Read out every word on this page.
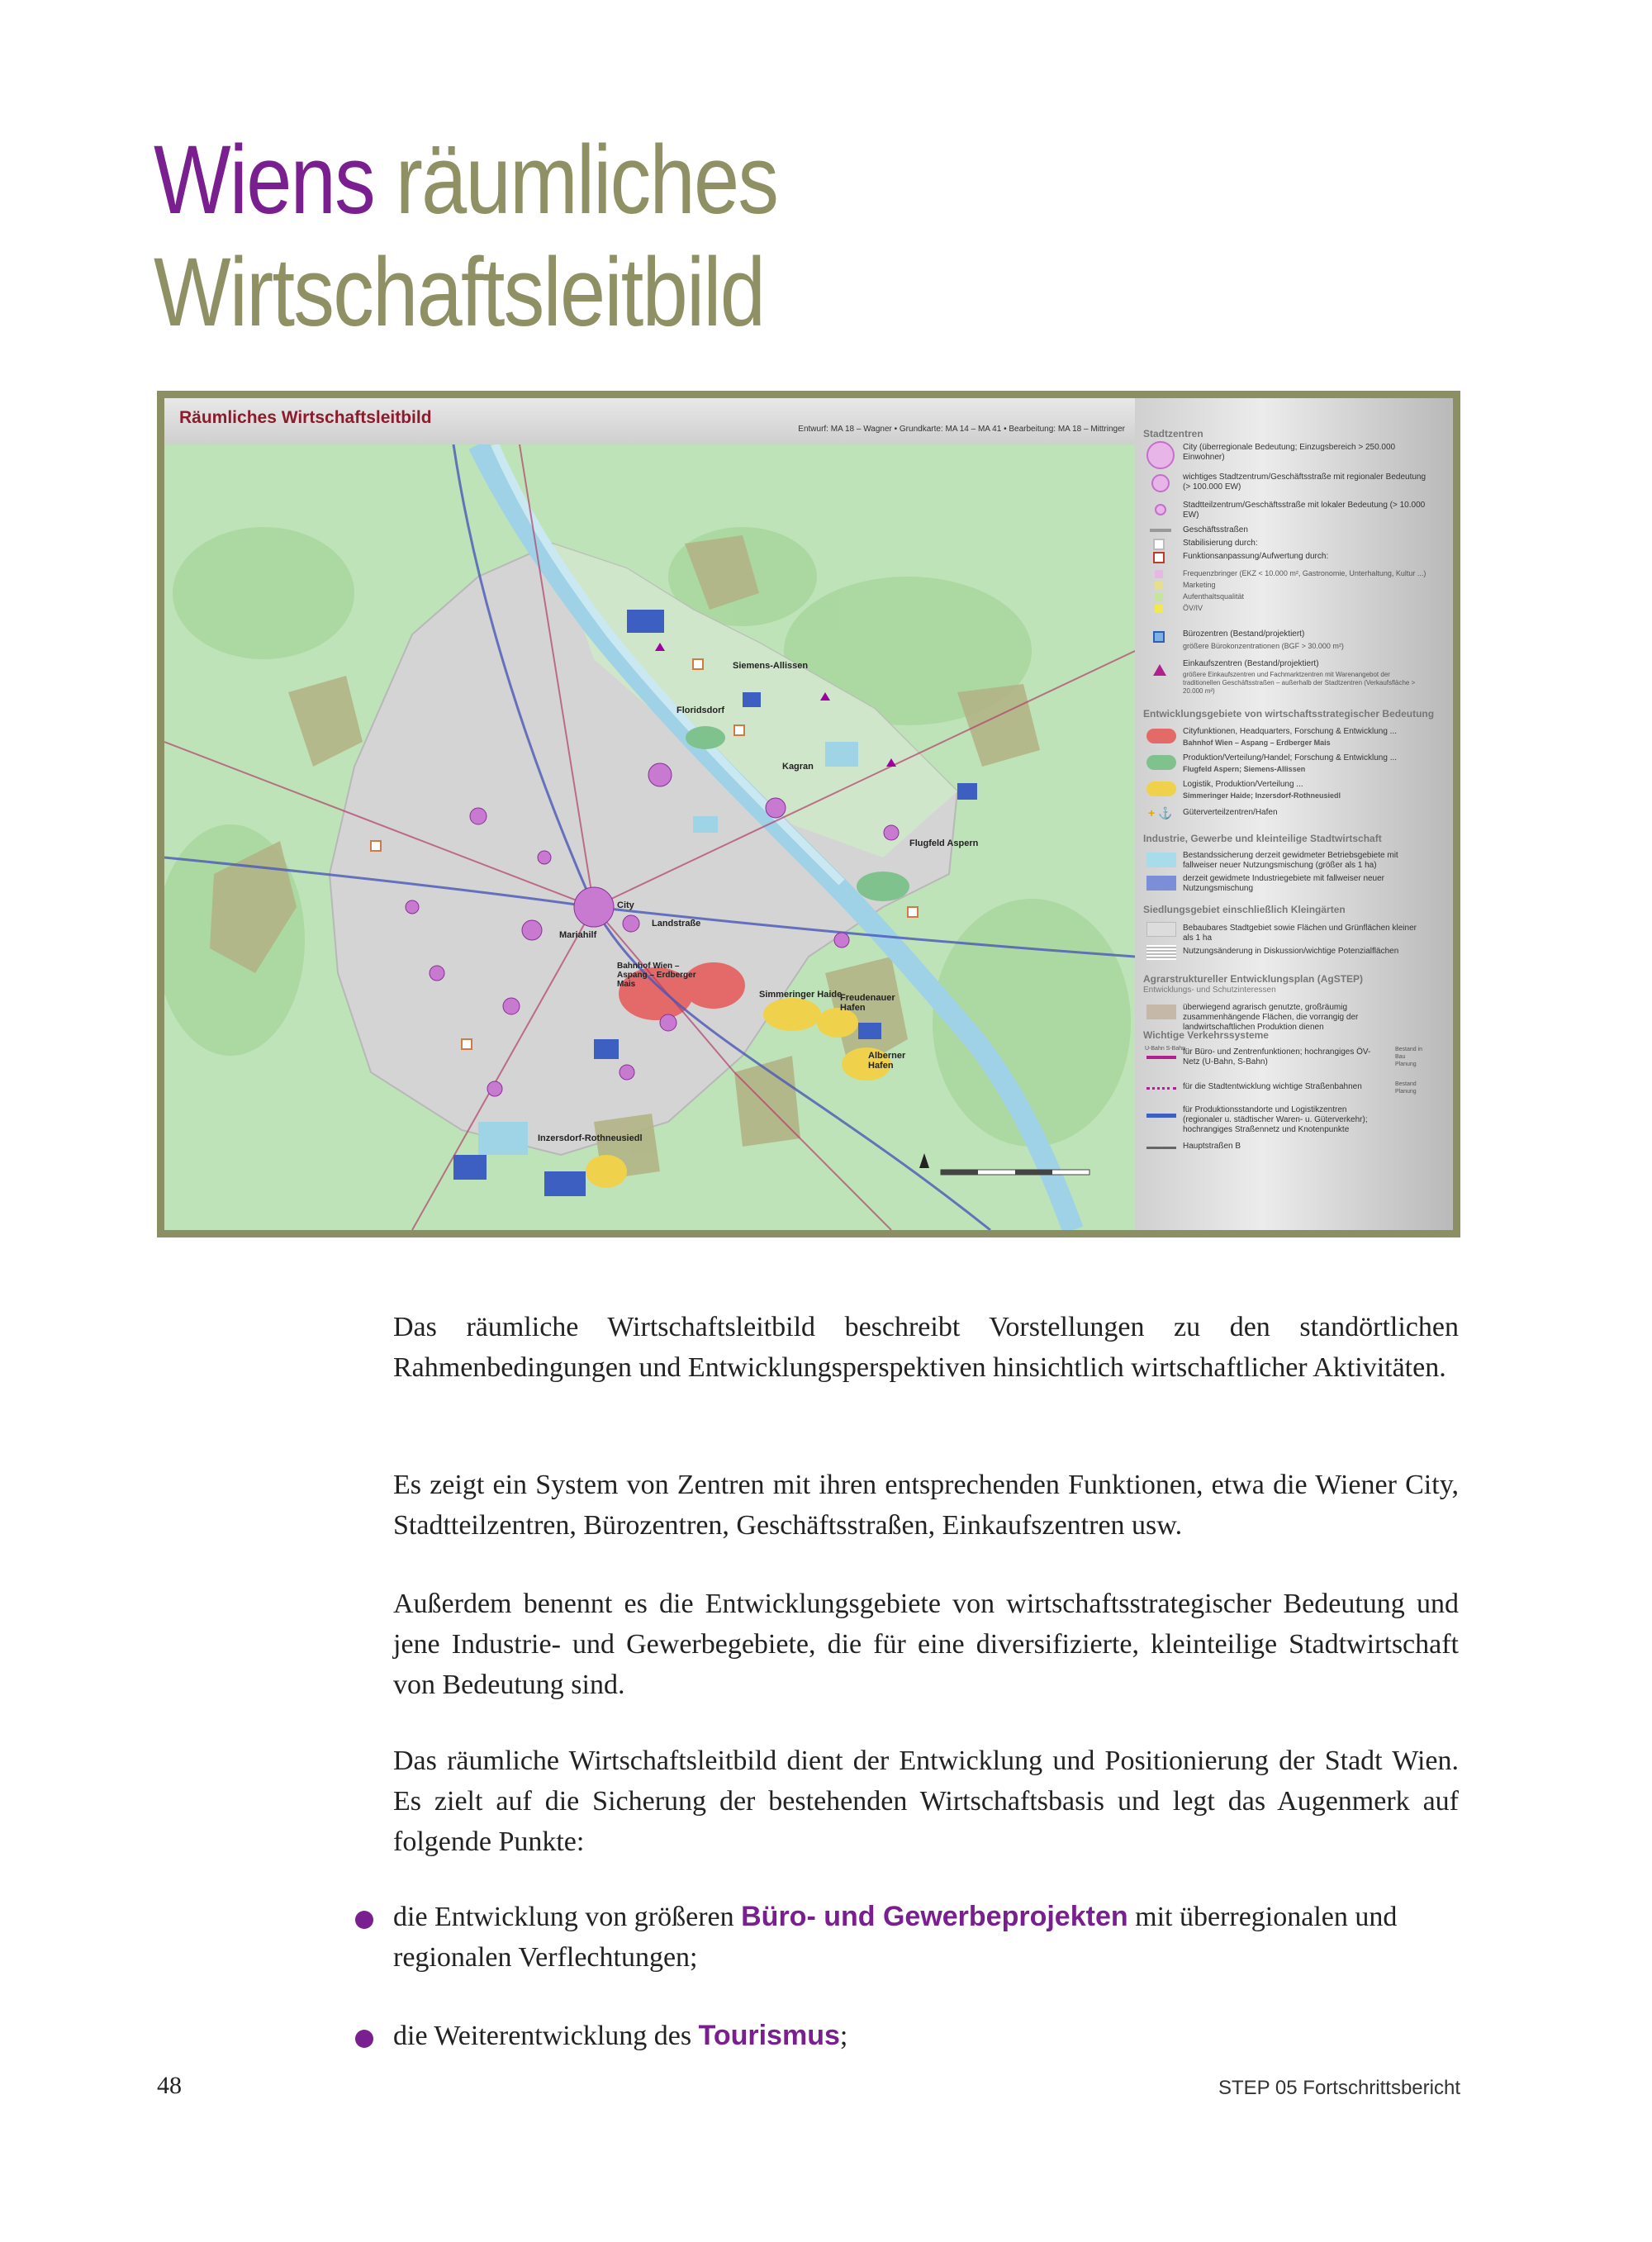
Wiens räumliches
Wirtschaftsleitbild
Räumliches Wirtschaftsleitbild
Entwurf: MA 18 – Wagner • Grundkarte: MA 14 – MA 41 • Bearbeitung: MA 18 – Mittringer
Siemens-Allissen
Floridsdorf
Kagran
Flugfeld Aspern
City
Landstraße
Mariahilf
Bahnhof Wien – Aspang – Erdberger Mais
Simmeringer Haide
Freudenauer Hafen
Alberner Hafen
Inzersdorf-Rothneusiedl
Stadtzentren
City (überregionale Bedeutung; Einzugsbereich > 250.000 Einwohner)
wichtiges Stadtzentrum/Geschäftsstraße mit regionaler Bedeutung (> 100.000 EW)
Stadtteilzentrum/Geschäftsstraße mit lokaler Bedeutung (> 10.000 EW)
Geschäftsstraßen
Stabilisierung durch:
Funktionsanpassung/Aufwertung durch:
Frequenzbringer (EKZ < 10.000 m², Gastronomie, Unterhaltung, Kultur ...)
Marketing
Aufenthaltsqualität
ÖV/IV
Bürozentren (Bestand/projektiert)
größere Bürokonzentrationen (BGF > 30.000 m²)
Einkaufszentren (Bestand/projektiert)
größere Einkaufszentren und Fachmarktzentren mit Warenangebot der traditionellen Geschäftsstraßen – außerhalb der Stadtzentren (Verkaufsfläche > 20.000 m²)
Entwicklungsgebiete von wirtschaftsstrategischer Bedeutung
Cityfunktionen, Headquarters, Forschung & Entwicklung ...
Bahnhof Wien – Aspang – Erdberger Mais
Produktion/Verteilung/Handel; Forschung & Entwicklung ...
Flugfeld Aspern; Siemens-Allissen
Logistik, Produktion/Verteilung ...
Simmeringer Haide; Inzersdorf-Rothneusiedl
+ ⚓ Güterverteilzentren/Hafen
Industrie, Gewerbe und kleinteilige Stadtwirtschaft
Bestandssicherung derzeit gewidmeter Betriebsgebiete mit fallweiser neuer Nutzungsmischung (größer als 1 ha)
derzeit gewidmete Industriegebiete mit fallweiser neuer Nutzungsmischung
Siedlungsgebiet einschließlich Kleingärten
Bebaubares Stadtgebiet sowie Flächen und Grünflächen kleiner als 1 ha
Nutzungsänderung in Diskussion/wichtige Potenzialflächen
Agrarstruktureller Entwicklungsplan (AgSTEP)
Entwicklungs- und Schutzinteressen
überwiegend agrarisch genutzte, großräumig zusammenhängende Flächen, die vorrangig der landwirtschaftlichen Produktion dienen
Wichtige Verkehrssysteme
U-Bahn S-Bahn
für Büro- und Zentrenfunktionen; hochrangiges ÖV-Netz (U-Bahn, S-Bahn)
Bestand in Bau Planung
für die Stadtentwicklung wichtige Straßenbahnen	Bestand Planung
für Produktionsstandorte und Logistikzentren (regionaler u. städtischer Waren- u. Güterverkehr); hochrangiges Straßennetz und Knotenpunkte
Hauptstraßen B

Das räumliche Wirtschaftsleitbild beschreibt Vorstellungen zu den standörtlichen Rahmenbedingungen und Entwicklungsperspektiven hinsichtlich wirtschaftlicher Aktivitäten.

Es zeigt ein System von Zentren mit ihren entsprechenden Funktionen, etwa die Wiener City, Stadtteilzentren, Bürozentren, Geschäftsstraßen, Einkaufszentren usw.

Außerdem benennt es die Entwicklungsgebiete von wirtschaftsstrategischer Bedeutung und jene Industrie- und Gewerbegebiete, die für eine diversifizierte, kleinteilige Stadtwirtschaft von Bedeutung sind.

Das räumliche Wirtschaftsleitbild dient der Entwicklung und Positionierung der Stadt Wien. Es zielt auf die Sicherung der bestehenden Wirtschaftsbasis und legt das Augenmerk auf folgende Punkte:

die Entwicklung von größeren Büro- und Gewerbeprojekten mit überregionalen und regionalen Verflechtungen;

die Weiterentwicklung des Tourismus;

48	STEP 05 Fortschrittsbericht
